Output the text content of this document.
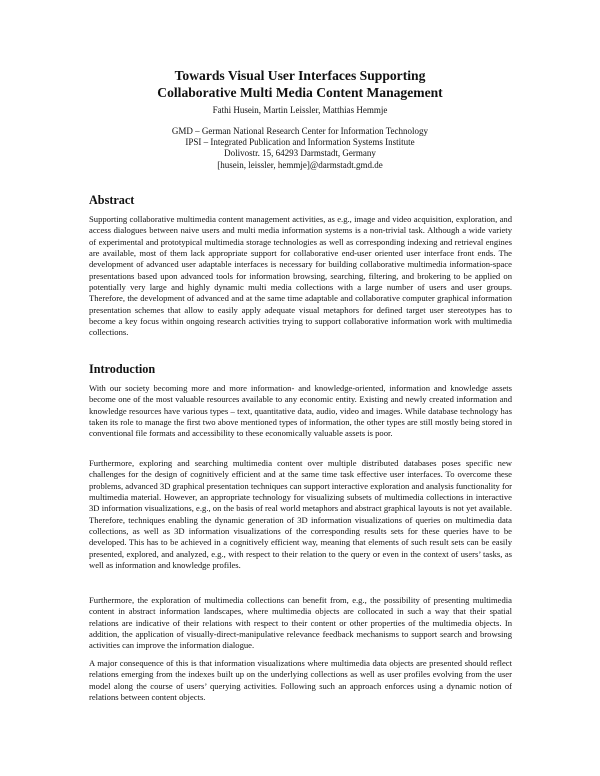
Towards Visual User Interfaces Supporting
Collaborative Multi Media Content Management

Fathi Husein, Martin Leissler, Matthias Hemmje

GMD – German National Research Center for Information Technology
IPSI – Integrated Publication and Information Systems Institute
Dolivostr. 15, 64293 Darmstadt, Germany
[husein, leissler, hemmje]@darmstadt.gmd.de
Abstract

Supporting collaborative multimedia content management activities, as e.g., image and video acquisition, exploration, and access dialogues between naive users and multi media information systems is a non-trivial task. Although a wide variety of experimental and prototypical multimedia storage technologies as well as corresponding indexing and retrieval engines are available, most of them lack appropriate support for collaborative end-user oriented user interface front ends. The development of advanced user adaptable interfaces is necessary for building collaborative multimedia information-space presentations based upon advanced tools for information browsing, searching, filtering, and brokering to be applied on potentially very large and highly dynamic multi media collections with a large number of users and user groups. Therefore, the development of advanced and at the same time adaptable and collaborative computer graphical information presentation schemes that allow to easily apply adequate visual metaphors for defined target user stereotypes has to become a key focus within ongoing research activities trying to support collaborative information work with multimedia collections.

Introduction

With our society becoming more and more information- and knowledge-oriented, information and knowledge assets become one of the most valuable resources available to any economic entity. Existing and newly created information and knowledge resources have various types – text, quantitative data, audio, video and images. While database technology has taken its role to manage the first two above mentioned types of information, the other types are still mostly being stored in conventional file formats and accessibility to these economically valuable assets is poor.

Furthermore, exploring and searching multimedia content over multiple distributed databases poses specific new challenges for the design of cognitively efficient and at the same time task effective user interfaces. To overcome these problems, advanced 3D graphical presentation techniques can support interactive exploration and analysis functionality for multimedia material. However, an appropriate technology for visualizing subsets of multimedia collections in interactive 3D information visualizations, e.g., on the basis of real world metaphors and abstract graphical layouts is not yet available. Therefore, techniques enabling the dynamic generation of 3D information visualizations of queries on multimedia data collections, as well as 3D information visualizations of the corresponding results sets for these queries have to be developed. This has to be achieved in a cognitively efficient way, meaning that elements of such result sets can be easily presented, explored, and analyzed, e.g., with respect to their relation to the query or even in the context of users’ tasks, as well as information and knowledge profiles.

Furthermore, the exploration of multimedia collections can benefit from, e.g., the possibility of presenting multimedia content in abstract information landscapes, where multimedia objects are collocated in such a way that their spatial relations are indicative of their relations with respect to their content or other properties of the multimedia objects. In addition, the application of visually-direct-manipulative relevance feedback mechanisms to support search and browsing activities can improve the information dialogue.

A major consequence of this is that information visualizations where multimedia data objects are presented should reflect relations emerging from the indexes built up on the underlying collections as well as user profiles evolving from the user model along the course of users’ querying activities. Following such an approach enforces using a dynamic notion of relations between content objects.
